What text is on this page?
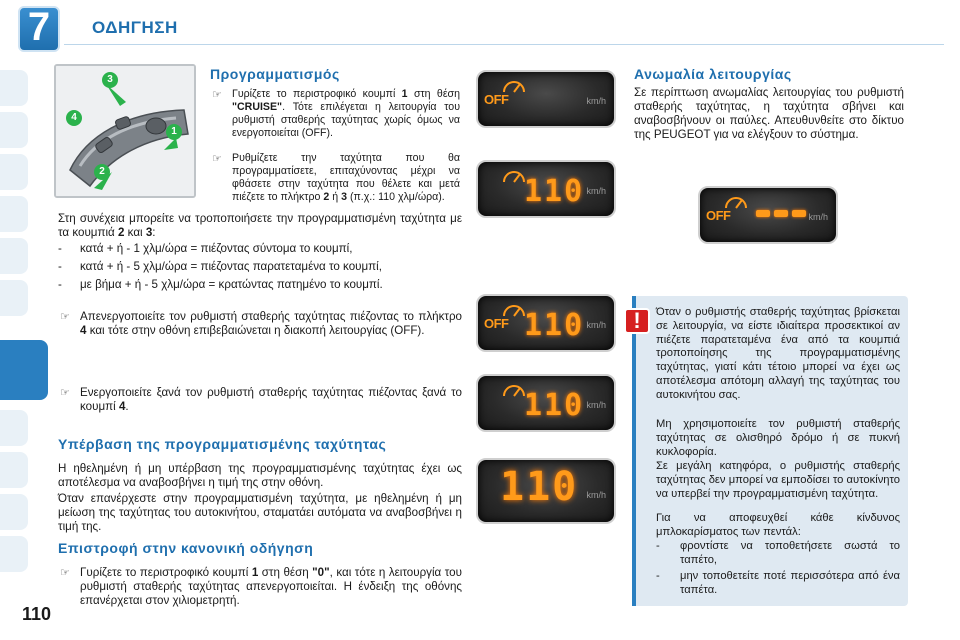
7	ΟΔΗΓΗΣΗ
3
4
1
2
Προγραμματισμός
☞ Γυρίζετε το περιστροφικό κουμπί 1 στη θέση "CRUISE". Τότε επιλέγεται η λειτουργία του ρυθμιστή σταθερής ταχύτητας χωρίς όμως να ενεργοποιείται (OFF).
☞ Ρυθμίζετε την ταχύτητα που θα προγραμματίσετε, επιταχύνοντας μέχρι να φθάσετε στην ταχύτητα που θέλετε και μετά πιέζετε το πλήκτρο 2 ή 3 (π.χ.: 110 χλμ/ώρα).
Στη συνέχεια μπορείτε να τροποποιήσετε την προγραμματισμένη ταχύτητα με τα κουμπιά 2 και 3:
- κατά + ή - 1 χλμ/ώρα = πιέζοντας σύντομα το κουμπί,
- κατά + ή - 5 χλμ/ώρα = πιέζοντας παρατεταμένα το κουμπί,
- με βήμα + ή - 5 χλμ/ώρα = κρατώντας πατημένο το κουμπί.
☞ Απενεργοποιείτε τον ρυθμιστή σταθερής ταχύτητας πιέζοντας το πλήκτρο 4 και τότε στην οθόνη επιβεβαιώνεται η διακοπή λειτουργίας (OFF).
☞ Ενεργοποιείτε ξανά τον ρυθμιστή σταθερής ταχύτητας πιέζοντας ξανά το κουμπί 4.
Υπέρβαση της προγραμματισμένης ταχύτητας
Η ηθελημένη ή μη υπέρβαση της προγραμματισμένης ταχύτητας έχει ως αποτέλεσμα να αναβοσβήνει η τιμή της στην οθόνη.
Όταν επανέρχεστε στην προγραμματισμένη ταχύτητα, με ηθελημένη ή μη μείωση της ταχύτητας του αυτοκινήτου, σταματάει αυτόματα να αναβοσβήνει η τιμή της.
Επιστροφή στην κανονική οδήγηση
☞ Γυρίζετε το περιστροφικό κουμπί 1 στη θέση "0", και τότε η λειτουργία του ρυθμιστή σταθερής ταχύτητας απενεργοποιείται. Η ένδειξη της οθόνης επανέρχεται στον χιλιομετρητή.
OFF	km/h
110 km/h
OFF 110 km/h
110 km/h
110 km/h
Ανωμαλία λειτουργίας
Σε περίπτωση ανωμαλίας λειτουργίας του ρυθμιστή σταθερής ταχύτητας, η ταχύτητα σβήνει και αναβοσβήνουν οι παύλες. Απευθυνθείτε στο δίκτυο της PEUGEOT για να ελέγξουν το σύστημα.
OFF	km/h
!	Όταν ο ρυθμιστής σταθερής ταχύτητας βρίσκεται σε λειτουργία, να είστε ιδιαίτερα προσεκτικοί αν πιέζετε παρατεταμένα ένα από τα κουμπιά τροποποίησης της προγραμματισμένης ταχύτητας, γιατί κάτι τέτοιο μπορεί να έχει ως αποτέλεσμα απότομη αλλαγή της ταχύτητας του αυτοκινήτου σας.
Μη χρησιμοποιείτε τον ρυθμιστή σταθερής ταχύτητας σε ολισθηρό δρόμο ή σε πυκνή κυκλοφορία.
Σε μεγάλη κατηφόρα, ο ρυθμιστής σταθερής ταχύτητας δεν μπορεί να εμποδίσει το αυτοκίνητο να υπερβεί την προγραμματισμένη ταχύτητα.
Για να αποφευχθεί κάθε κίνδυνος μπλοκαρίσματος των πεντάλ:
- φροντίστε να τοποθετήσετε σωστά το ταπέτο,
- μην τοποθετείτε ποτέ περισσότερα από ένα ταπέτα.
110
